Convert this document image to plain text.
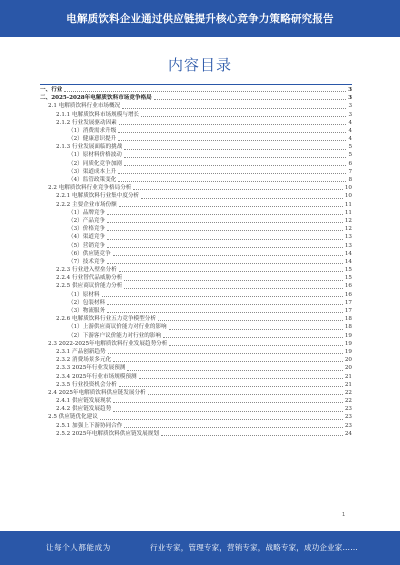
电解质饮料企业通过供应链提升核心竞争力策略研究报告
内容目录
一、行业	3
二、2025-2028年电解质饮料市场竞争格局	3
2.1 电解质饮料行业市场概况	3
2.1.1 电解质饮料市场规模与增长	3
2.1.2 行业发展驱动因素	4
（1）消费需求升级	4
（2）健康意识提升	4
2.1.3 行业发展面临的挑战	5
（1）原材料价格波动	5
（2）同质化竞争加剧	6
（3）渠道成本上升	7
（4）监管政策变化	8
2.2 电解质饮料行业竞争格局分析	10
2.2.1 电解质饮料行业集中度分析	10
2.2.2 主要企业市场份额	11
（1）品牌竞争	11
（2）产品竞争	12
（3）价格竞争	12
（4）渠道竞争	13
（5）营销竞争	13
（6）供应链竞争	14
（7）技术竞争	14
2.2.3 行业进入壁垒分析	15
2.2.4 行业替代品威胁分析	15
2.2.5 供应商议价能力分析	16
（1）原材料	16
（2）包装材料	17
（3）物流服务	17
2.2.6 电解质饮料行业五力竞争模型分析	18
（1）上游供应商议价能力对行业的影响	18
（2）下游客户议价能力对行业的影响	19
2.3 2022-2025年电解质饮料行业发展趋势分析	19
2.3.1 产品创新趋势	19
2.3.2 消费场景多元化	20
2.3.3 2025年行业发展预测	20
2.3.4 2025年行业市场规模预测	21
2.3.5 行业投资机会分析	21
2.4 2025年电解质饮料供应链发展分析	22
2.4.1 供应链发展现状	22
2.4.2 供应链发展趋势	23
2.5 供应链优化建议	23
2.5.1 加强上下游协同合作	23
2.5.2 2025年电解质饮料供应链发展规划	24
1
让每个人都能成为	行业专家，管理专家，营销专家，战略专家，成功企业家……
